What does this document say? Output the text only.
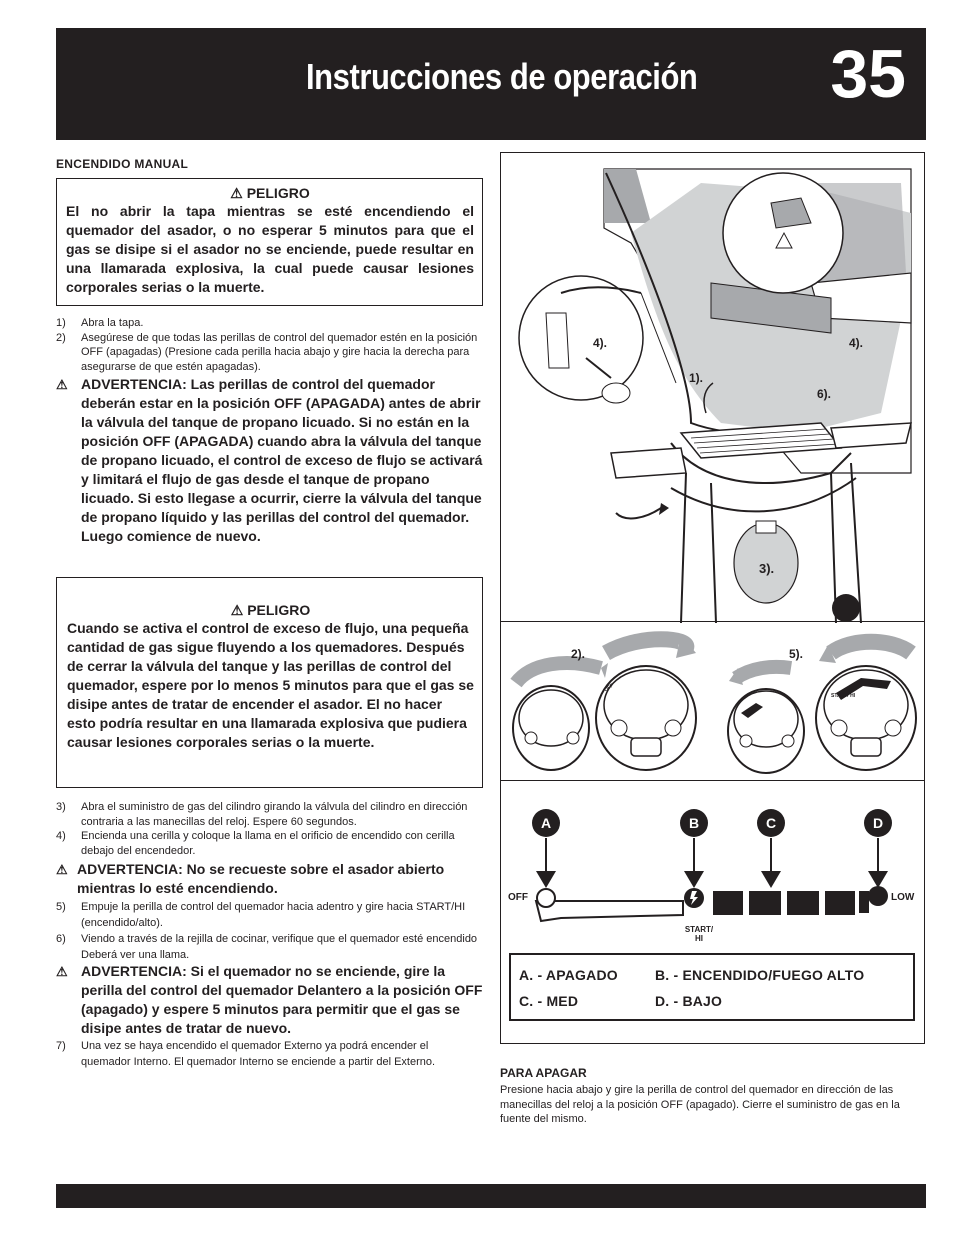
Instrucciones de operación 35
ENCENDIDO MANUAL
⚠ PELIGRO
El no abrir la tapa mientras se esté encendiendo el quemador del asador, o no esperar 5 minutos para que el gas se disipe si el asador no se enciende, puede resultar en una llamarada explosiva, la cual puede causar lesiones corporales serias o la muerte.
1)	Abra la tapa.
2)	Asegúrese de que todas las perillas de control del quemador estén en la posición OFF (apagadas) (Presione cada perilla hacia abajo y gire hacia la derecha para asegurarse de que estén apagadas).
⚠ ADVERTENCIA: Las perillas de control del quemador deberán estar en la posición OFF (APAGADA) antes de abrir la válvula del tanque de propano licuado. Si no están en la posición OFF (APAGADA) cuando abra la válvula del tanque de propano licuado, el control de exceso de flujo se activará y limitará el flujo de gas desde el tanque de propano licuado. Si esto llegase a ocurrir, cierre la válvula del tanque de propano líquido y las perillas del control del quemador. Luego comience de nuevo.
⚠ PELIGRO
Cuando se activa el control de exceso de flujo, una pequeña cantidad de gas sigue fluyendo a los quemadores. Después de cerrar la válvula del tanque y las perillas de control del quemador, espere por lo menos 5 minutos para que el gas se disipe antes de tratar de encender el asador. El no hacer esto podría resultar en una llamarada explosiva que pudiera causar lesiones corporales serias o la muerte.
3)	Abra el suministro de gas del cilindro girando la válvula del cilindro en dirección contraria a las manecillas del reloj. Espere 60 segundos.
4)	Encienda una cerilla y coloque la llama en el orificio de encendido con cerilla debajo del encendedor.
⚠ ADVERTENCIA: No se recueste sobre el asador abierto mientras lo esté encendiendo.
5)	Empuje la perilla de control del quemador hacia adentro y gire hacia START/HI (encendido/alto).
6)	Viendo a través de la rejilla de cocinar, verifique que el quemador esté encendido Deberá ver una llama.
⚠ ADVERTENCIA: Si el quemador no se enciende, gire la perilla del control del quemador Delantero a la posición OFF (apagado) y espere 5 minutos para permitir que el gas se disipe antes de tratar de nuevo.
7)	Una vez se haya encendido el quemador Externo ya podrá encender el quemador Interno. El quemador Interno se enciende a partir del Externo.
4).	4).
1).
6).
3).
2).	5).
OFF
START/ HI
A	B	C	D
OFF	LOW
START/
HI
A. - APAGADO	B. - ENCENDIDO/FUEGO ALTO
C. - MED	D. - BAJO
PARA APAGAR
Presione hacia abajo y gire la perilla de control del quemador en dirección de las manecillas del reloj a la posición OFF (apagado). Cierre el suministro de gas en la fuente del mismo.
